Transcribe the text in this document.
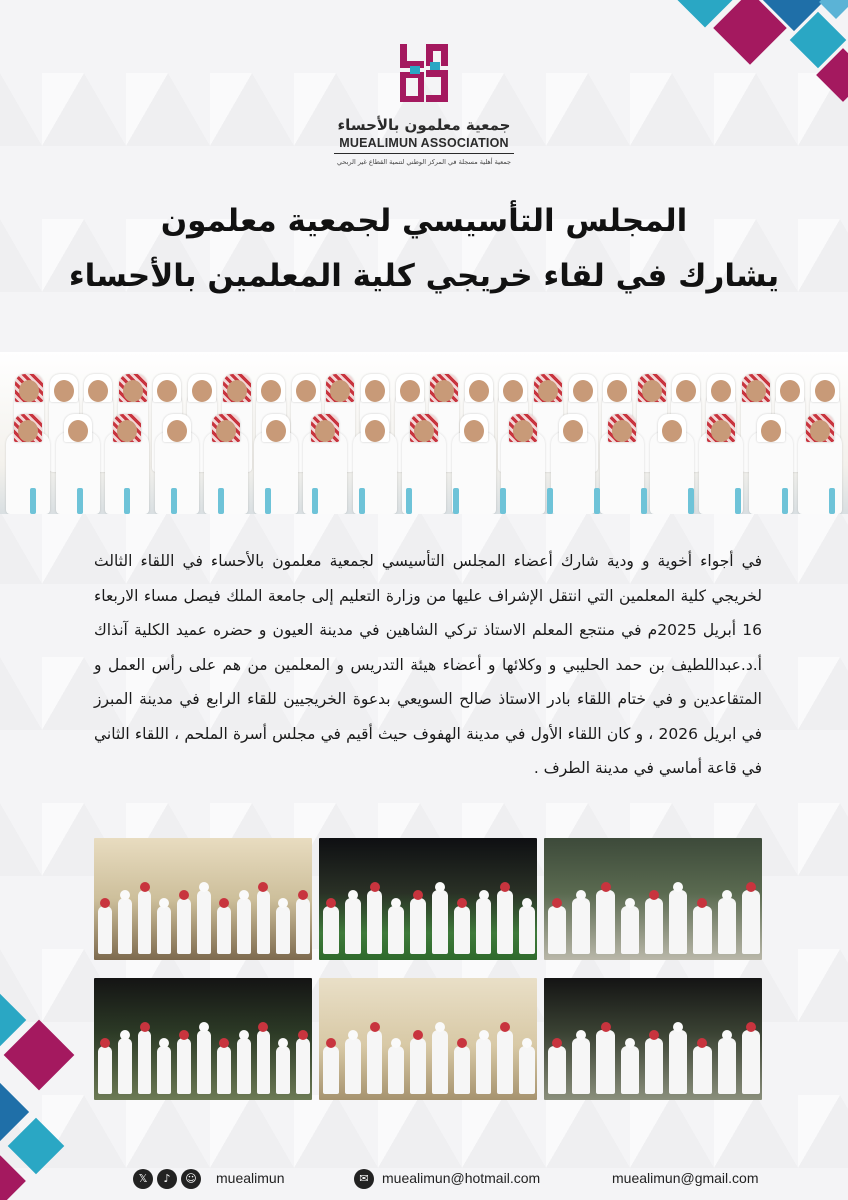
جمعية معلمون بالأحساء
MUEALIMUN ASSOCIATION
جمعية أهلية مسجلة في المركز الوطني لتنمية القطاع غير الربحي
المجلس التأسيسي لجمعية معلمون
يشارك في لقاء خريجي كلية المعلمين بالأحساء
في أجواء أخوية و ودية شارك أعضاء المجلس التأسيسي لجمعية معلمون بالأحساء في اللقاء الثالث لخريجي كلية المعلمين التي انتقل الإشراف عليها من وزارة التعليم إلى جامعة الملك فيصل مساء الاربعاء 16 أبريل 2025م في منتجع المعلم الاستاذ تركي الشاهين في مدينة العيون و حضره عميد الكلية آنذاك أ.د.عبداللطيف بن حمد الحليبي و وكلائها و أعضاء هيئة التدريس و المعلمين من هم على رأس العمل و المتقاعدين و في ختام اللقاء بادر الاستاذ صالح السويعي بدعوة الخريجيين للقاء الرابع في مدينة المبرز في ابريل 2026 ، و كان اللقاء الأول في مدينة الهفوف حيث أقيم في مجلس أسرة الملحم ، اللقاء الثاني في قاعة أماسي في مدينة الطرف .
𝕏	♪	☺	muealimun	✉ muealimun@hotmail.com	muealimun@gmail.com
